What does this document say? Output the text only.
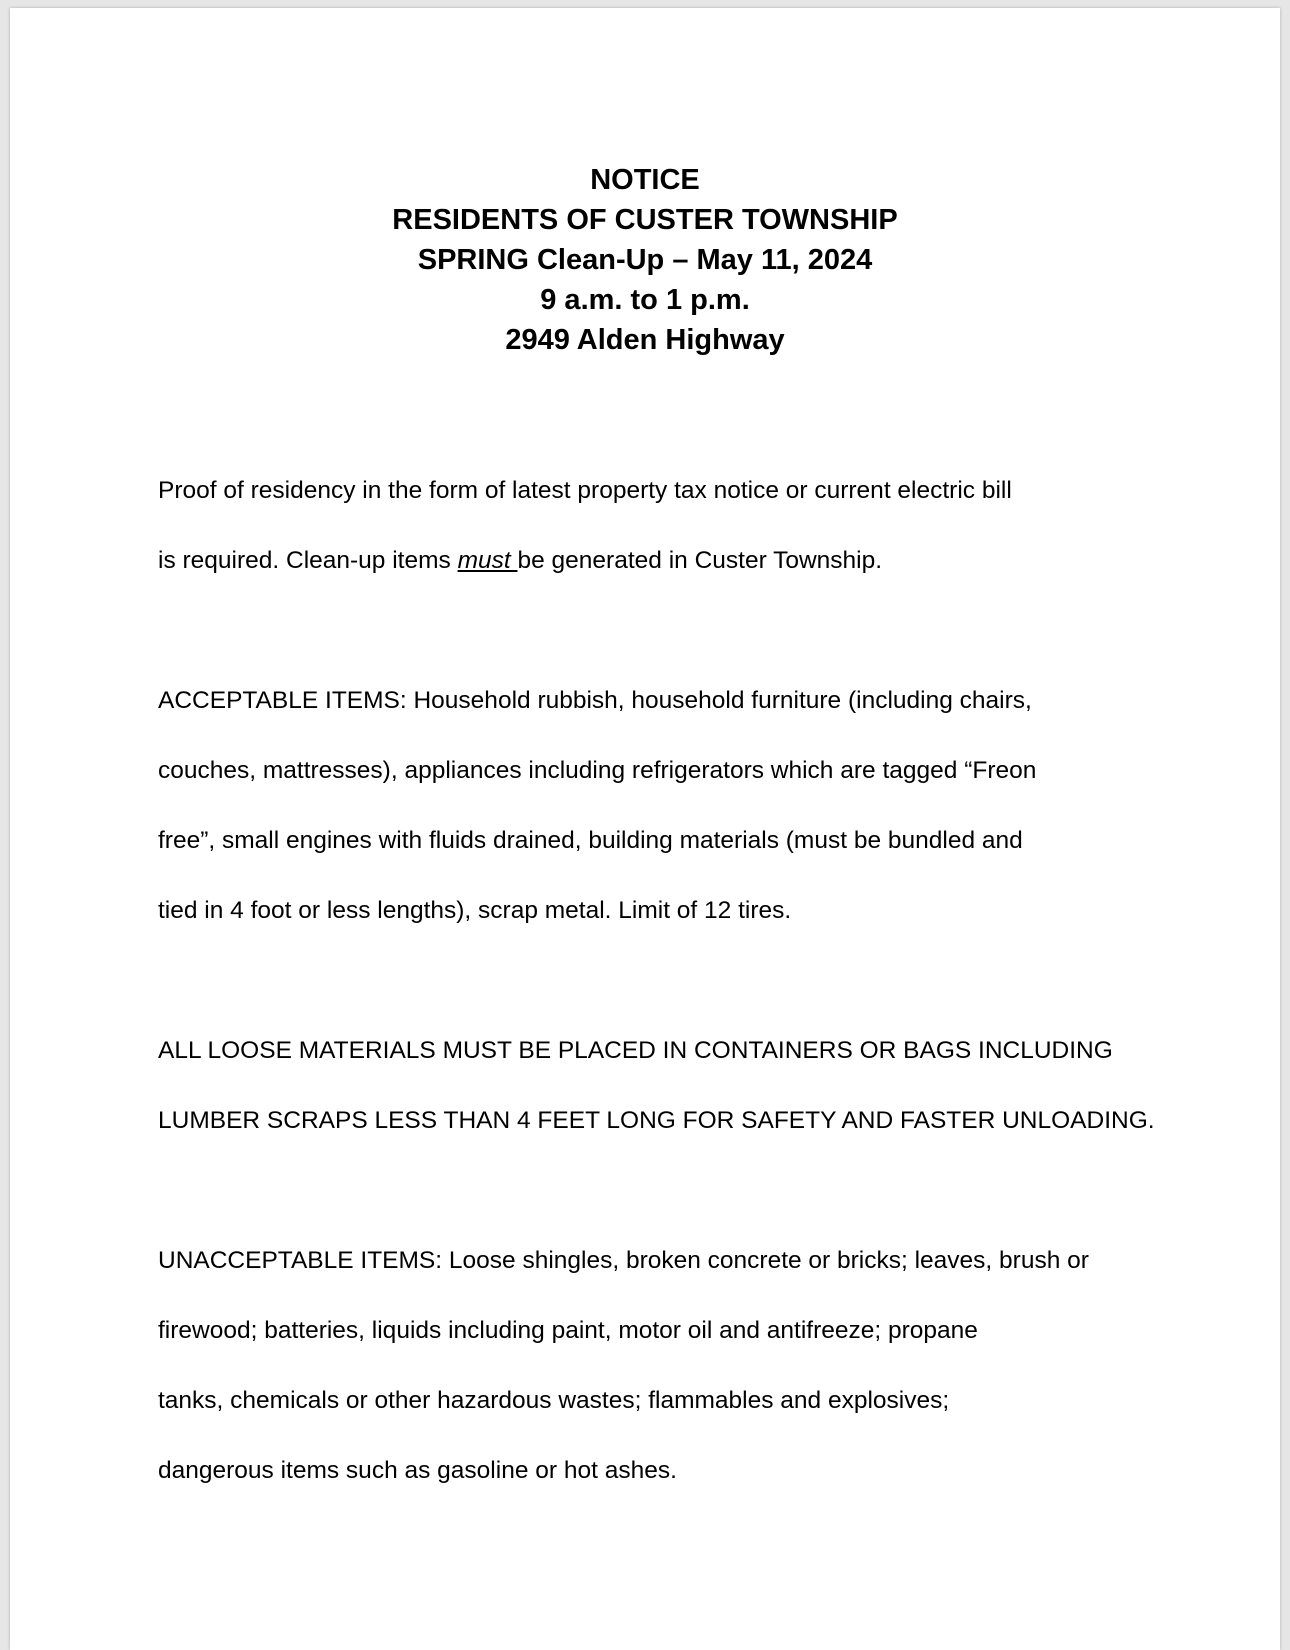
NOTICE
RESIDENTS OF CUSTER TOWNSHIP
SPRING Clean-Up – May 11, 2024
9 a.m. to 1 p.m.
2949 Alden Highway

Proof of residency in the form of latest property tax notice or current electric bill

is required. Clean-up items must be generated in Custer Township.

ACCEPTABLE ITEMS: Household rubbish, household furniture (including chairs,

couches, mattresses), appliances including refrigerators which are tagged “Freon

free”, small engines with fluids drained, building materials (must be bundled and

tied in 4 foot or less lengths), scrap metal. Limit of 12 tires.

ALL LOOSE MATERIALS MUST BE PLACED IN CONTAINERS OR BAGS INCLUDING

LUMBER SCRAPS LESS THAN 4 FEET LONG FOR SAFETY AND FASTER UNLOADING.

UNACCEPTABLE ITEMS: Loose shingles, broken concrete or bricks; leaves, brush or

firewood; batteries, liquids including paint, motor oil and antifreeze; propane

tanks, chemicals or other hazardous wastes; flammables and explosives;

dangerous items such as gasoline or hot ashes.
